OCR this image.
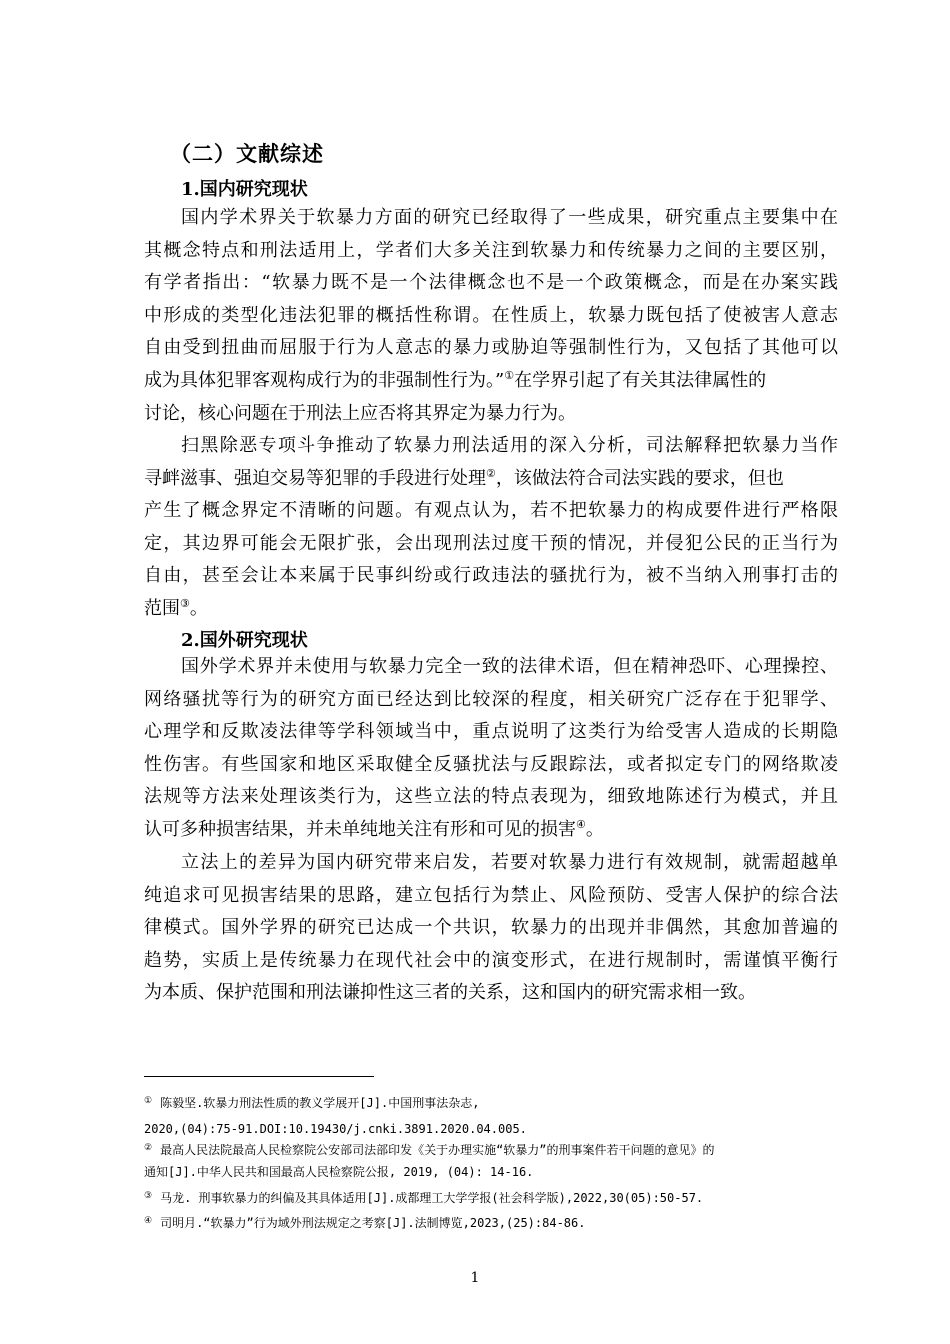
（二）文献综述
1.国内研究现状
国内学术界关于软暴力方面的研究已经取得了一些成果，研究重点主要集中在
其概念特点和刑法适用上，学者们大多关注到软暴力和传统暴力之间的主要区别，
有学者指出：“软暴力既不是一个法律概念也不是一个政策概念，而是在办案实践
中形成的类型化违法犯罪的概括性称谓。在性质上，软暴力既包括了使被害人意志
自由受到扭曲而屈服于行为人意志的暴力或胁迫等强制性行为，又包括了其他可以
成为具体犯罪客观构成行为的非强制性行为。”①在学界引起了有关其法律属性的
讨论，核心问题在于刑法上应否将其界定为暴力行为。
扫黑除恶专项斗争推动了软暴力刑法适用的深入分析，司法解释把软暴力当作
寻衅滋事、强迫交易等犯罪的手段进行处理②，该做法符合司法实践的要求，但也
产生了概念界定不清晰的问题。有观点认为，若不把软暴力的构成要件进行严格限
定，其边界可能会无限扩张，会出现刑法过度干预的情况，并侵犯公民的正当行为
自由，甚至会让本来属于民事纠纷或行政违法的骚扰行为，被不当纳入刑事打击的
范围③。
2.国外研究现状
国外学术界并未使用与软暴力完全一致的法律术语，但在精神恐吓、心理操控、
网络骚扰等行为的研究方面已经达到比较深的程度，相关研究广泛存在于犯罪学、
心理学和反欺凌法律等学科领域当中，重点说明了这类行为给受害人造成的长期隐
性伤害。有些国家和地区采取健全反骚扰法与反跟踪法，或者拟定专门的网络欺凌
法规等方法来处理该类行为，这些立法的特点表现为，细致地陈述行为模式，并且
认可多种损害结果，并未单纯地关注有形和可见的损害④。
立法上的差异为国内研究带来启发，若要对软暴力进行有效规制，就需超越单
纯追求可见损害结果的思路，建立包括行为禁止、风险预防、受害人保护的综合法
律模式。国外学界的研究已达成一个共识，软暴力的出现并非偶然，其愈加普遍的
趋势，实质上是传统暴力在现代社会中的演变形式，在进行规制时，需谨慎平衡行
为本质、保护范围和刑法谦抑性这三者的关系，这和国内的研究需求相一致。
① 陈毅坚.软暴力刑法性质的教义学展开[J].中国刑事法杂志,
2020,(04):75-91.DOI:10.19430/j.cnki.3891.2020.04.005.
② 最高人民法院最高人民检察院公安部司法部印发《关于办理实施“软暴力”的刑事案件若干问题的意见》的
通知[J].中华人民共和国最高人民检察院公报, 2019, (04): 14-16.
③ 马龙. 刑事软暴力的纠偏及其具体适用[J].成都理工大学学报(社会科学版),2022,30(05):50-57.
④ 司明月.“软暴力”行为域外刑法规定之考察[J].法制博览,2023,(25):84-86.
1
